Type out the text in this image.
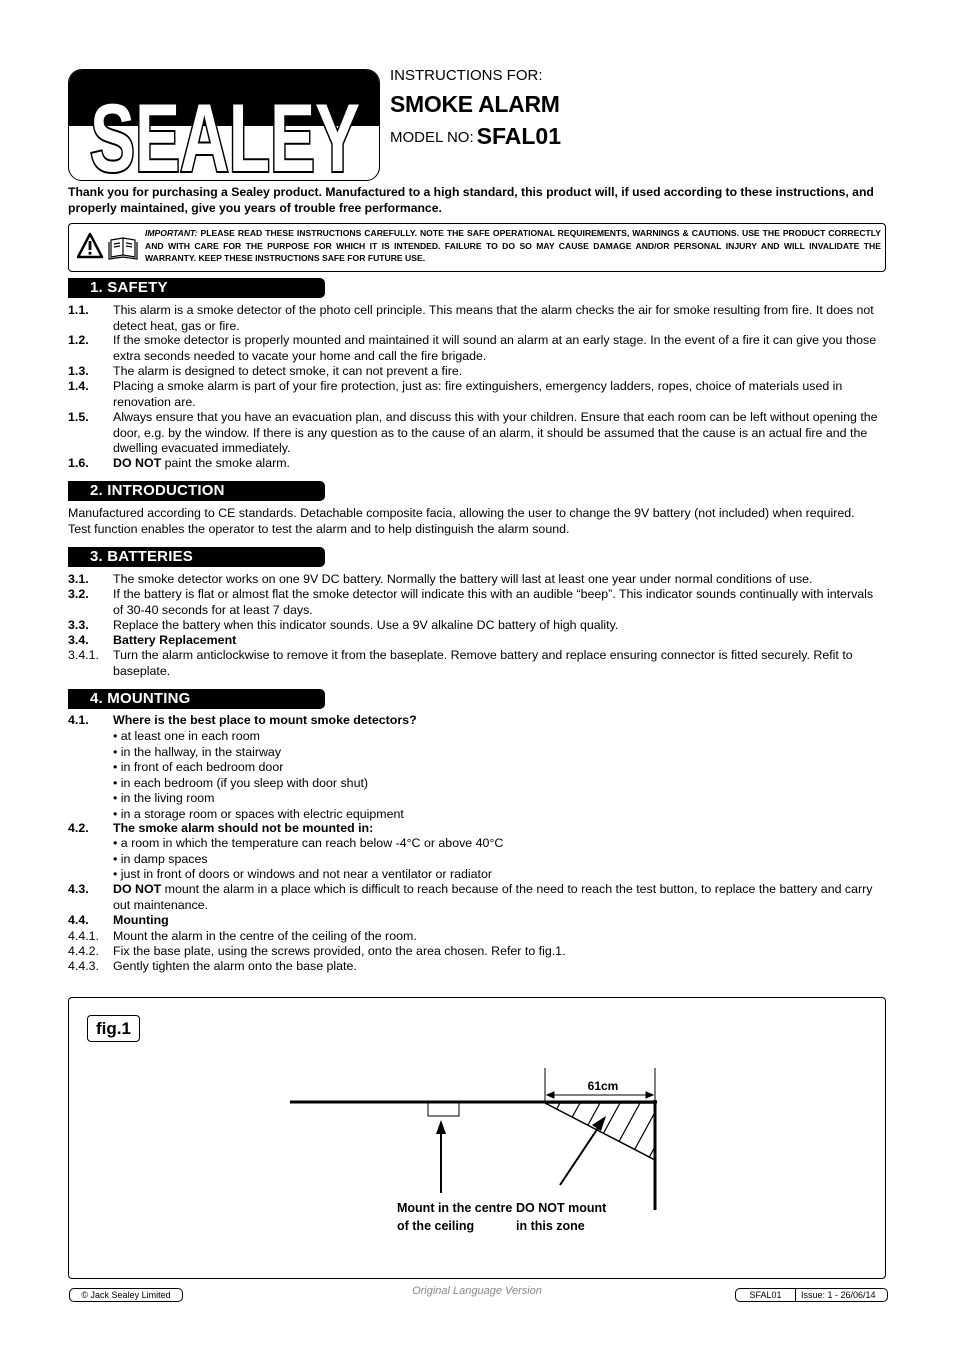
SEALEY
INSTRUCTIONS FOR:
SMOKE ALARM
MODEL NO: SFAL01
Thank you for purchasing a Sealey product. Manufactured to a high standard, this product will, if used according to these instructions, and properly maintained, give you years of trouble free performance.
IMPORTANT: PLEASE READ THESE INSTRUCTIONS CAREFULLY. NOTE THE SAFE OPERATIONAL REQUIREMENTS, WARNINGS & CAUTIONS. USE THE PRODUCT CORRECTLY AND WITH CARE FOR THE PURPOSE FOR WHICH IT IS INTENDED. FAILURE TO DO SO MAY CAUSE DAMAGE AND/OR PERSONAL INJURY AND WILL INVALIDATE THE WARRANTY. KEEP THESE INSTRUCTIONS SAFE FOR FUTURE USE.
1. SAFETY
1.1. This alarm is a smoke detector of the photo cell principle. This means that the alarm checks the air for smoke resulting from fire. It does not detect heat, gas or fire.
1.2. If the smoke detector is properly mounted and maintained it will sound an alarm at an early stage. In the event of a fire it can give you those extra seconds needed to vacate your home and call the fire brigade.
1.3. The alarm is designed to detect smoke, it can not prevent a fire.
1.4. Placing a smoke alarm is part of your fire protection, just as: fire extinguishers, emergency ladders, ropes, choice of materials used in renovation are.
1.5. Always ensure that you have an evacuation plan, and discuss this with your children. Ensure that each room can be left without opening the door, e.g. by the window. If there is any question as to the cause of an alarm, it should be assumed that the cause is an actual fire and the dwelling evacuated immediately.
1.6. DO NOT paint the smoke alarm.
2. INTRODUCTION
Manufactured according to CE standards. Detachable composite facia, allowing the user to change the 9V battery (not included) when required. Test function enables the operator to test the alarm and to help distinguish the alarm sound.
3. BATTERIES
3.1. The smoke detector works on one 9V DC battery. Normally the battery will last at least one year under normal conditions of use.
3.2. If the battery is flat or almost flat the smoke detector will indicate this with an audible “beep”. This indicator sounds continually with intervals of 30-40 seconds for at least 7 days.
3.3. Replace the battery when this indicator sounds. Use a 9V alkaline DC battery of high quality.
3.4. Battery Replacement
3.4.1. Turn the alarm anticlockwise to remove it from the baseplate. Remove battery and replace ensuring connector is fitted securely. Refit to baseplate.
4. MOUNTING
4.1. Where is the best place to mount smoke detectors?
• at least one in each room
• in the hallway, in the stairway
• in front of each bedroom door
• in each bedroom (if you sleep with door shut)
• in the living room
• in a storage room or spaces with electric equipment
4.2. The smoke alarm should not be mounted in:
• a room in which the temperature can reach below -4°C or above 40°C
• in damp spaces
• just in front of doors or windows and not near a ventilator or radiator
4.3. DO NOT mount the alarm in a place which is difficult to reach because of the need to reach the test button, to replace the battery and carry out maintenance.
4.4. Mounting
4.4.1. Mount the alarm in the centre of the ceiling of the room.
4.4.2. Fix the base plate, using the screws provided, onto the area chosen. Refer to fig.1.
4.4.3. Gently tighten the alarm onto the base plate.
fig.1
61cm
Mount in the centre
of the ceiling
DO NOT mount
in this zone
© Jack Sealey Limited	Original Language Version	SFAL01	Issue: 1 - 26/06/14
